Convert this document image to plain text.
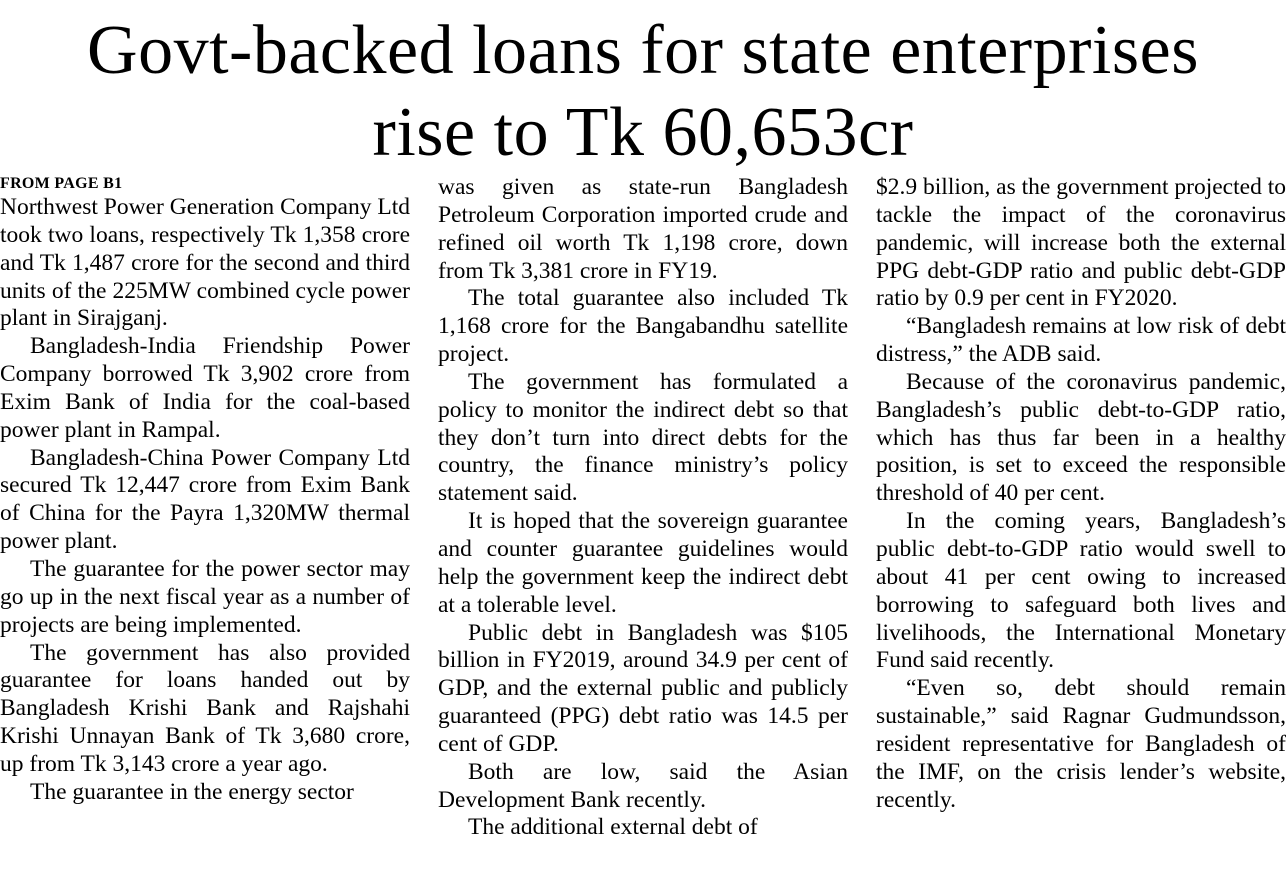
Govt-backed loans for state enterprises
rise to Tk 60,653cr
FROM PAGE B1

Northwest Power Generation Company Ltd took two loans, respectively Tk 1,358 crore and Tk 1,487 crore for the second and third units of the 225MW combined cycle power plant in Sirajganj.

Bangladesh-India Friendship Power Company borrowed Tk 3,902 crore from Exim Bank of India for the coal-based power plant in Rampal.

Bangladesh-China Power Company Ltd secured Tk 12,447 crore from Exim Bank of China for the Payra 1,320MW thermal power plant.

The guarantee for the power sector may go up in the next fiscal year as a number of projects are being implemented.

The government has also provided guarantee for loans handed out by Bangladesh Krishi Bank and Rajshahi Krishi Unnayan Bank of Tk 3,680 crore, up from Tk 3,143 crore a year ago.

The guarantee in the energy sector

was given as state-run Bangladesh Petroleum Corporation imported crude and refined oil worth Tk 1,198 crore, down from Tk 3,381 crore in FY19.

The total guarantee also included Tk 1,168 crore for the Bangabandhu satellite project.

The government has formulated a policy to monitor the indirect debt so that they don’t turn into direct debts for the country, the finance ministry’s policy statement said.

It is hoped that the sovereign guarantee and counter guarantee guidelines would help the government keep the indirect debt at a tolerable level.

Public debt in Bangladesh was $105 billion in FY2019, around 34.9 per cent of GDP, and the external public and publicly guaranteed (PPG) debt ratio was 14.5 per cent of GDP.

Both are low, said the Asian Development Bank recently.

The additional external debt of

$2.9 billion, as the government projected to tackle the impact of the coronavirus pandemic, will increase both the external PPG debt-GDP ratio and public debt-GDP ratio by 0.9 per cent in FY2020.

“Bangladesh remains at low risk of debt distress,” the ADB said.

Because of the coronavirus pandemic, Bangladesh’s public debt-to-GDP ratio, which has thus far been in a healthy position, is set to exceed the responsible threshold of 40 per cent.

In the coming years, Bangladesh’s public debt-to-GDP ratio would swell to about 41 per cent owing to increased borrowing to safeguard both lives and livelihoods, the International Monetary Fund said recently.

“Even so, debt should remain sustainable,” said Ragnar Gudmundsson, resident representative for Bangladesh of the IMF, on the crisis lender’s website, recently.
